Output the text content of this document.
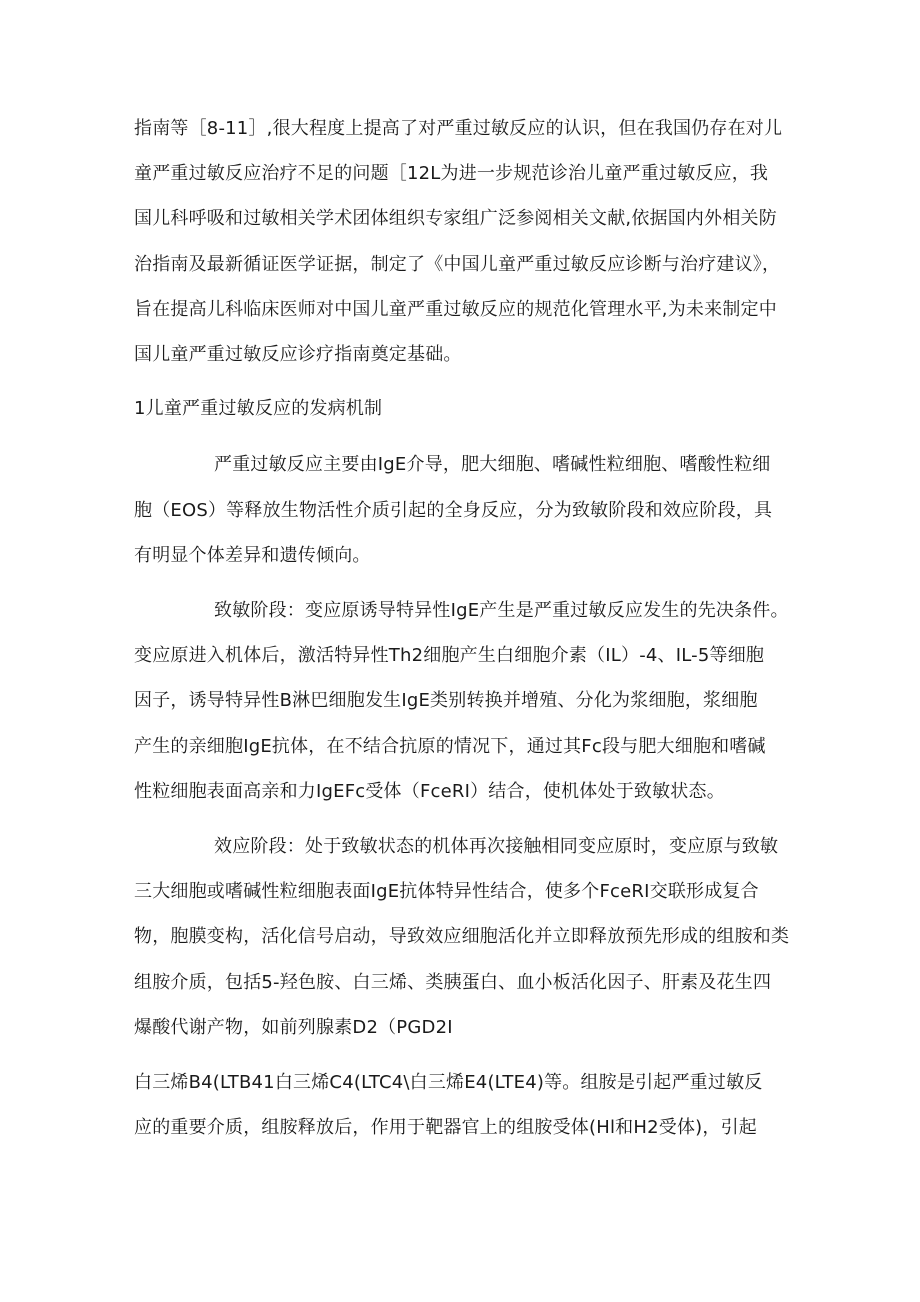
指南等［8-11］,很大程度上提高了对严重过敏反应的认识，但在我国仍存在对儿
童严重过敏反应治疗不足的问题［12L为进一步规范诊治儿童严重过敏反应，我
国儿科呼吸和过敏相关学术团体组织专家组广泛参阅相关文献,依据国内外相关防
治指南及最新循证医学证据，制定了《中国儿童严重过敏反应诊断与治疗建议》，
旨在提高儿科临床医师对中国儿童严重过敏反应的规范化管理水平,为未来制定中
国儿童严重过敏反应诊疗指南奠定基础。
1儿童严重过敏反应的发病机制
严重过敏反应主要由IgE介导，肥大细胞、嗜碱性粒细胞、嗜酸性粒细
胞（EOS）等释放生物活性介质引起的全身反应，分为致敏阶段和效应阶段，具
有明显个体差异和遗传倾向。
致敏阶段：变应原诱导特异性IgE产生是严重过敏反应发生的先决条件。
变应原进入机体后，激活特异性Th2细胞产生白细胞介素（IL）-4、IL-5等细胞
因子，诱导特异性B淋巴细胞发生IgE类别转换并增殖、分化为浆细胞，浆细胞
产生的亲细胞IgE抗体，在不结合抗原的情况下，通过其Fc段与肥大细胞和嗜碱
性粒细胞表面高亲和力IgEFc受体（FceRI）结合，使机体处于致敏状态。
效应阶段：处于致敏状态的机体再次接触相同变应原时，变应原与致敏
三大细胞或嗜碱性粒细胞表面IgE抗体特异性结合，使多个FceRI交联形成复合
物，胞膜变构，活化信号启动，导致效应细胞活化并立即释放预先形成的组胺和类
组胺介质，包括5-羟色胺、白三烯、类胰蛋白、血小板活化因子、肝素及花生四
爆酸代谢产物，如前列腺素D2（PGD2I
白三烯B4(LTB41白三烯C4(LTC4\白三烯E4(LTE4)等。组胺是引起严重过敏反
应的重要介质，组胺释放后，作用于靶器官上的组胺受体(Hl和H2受体)，引起
